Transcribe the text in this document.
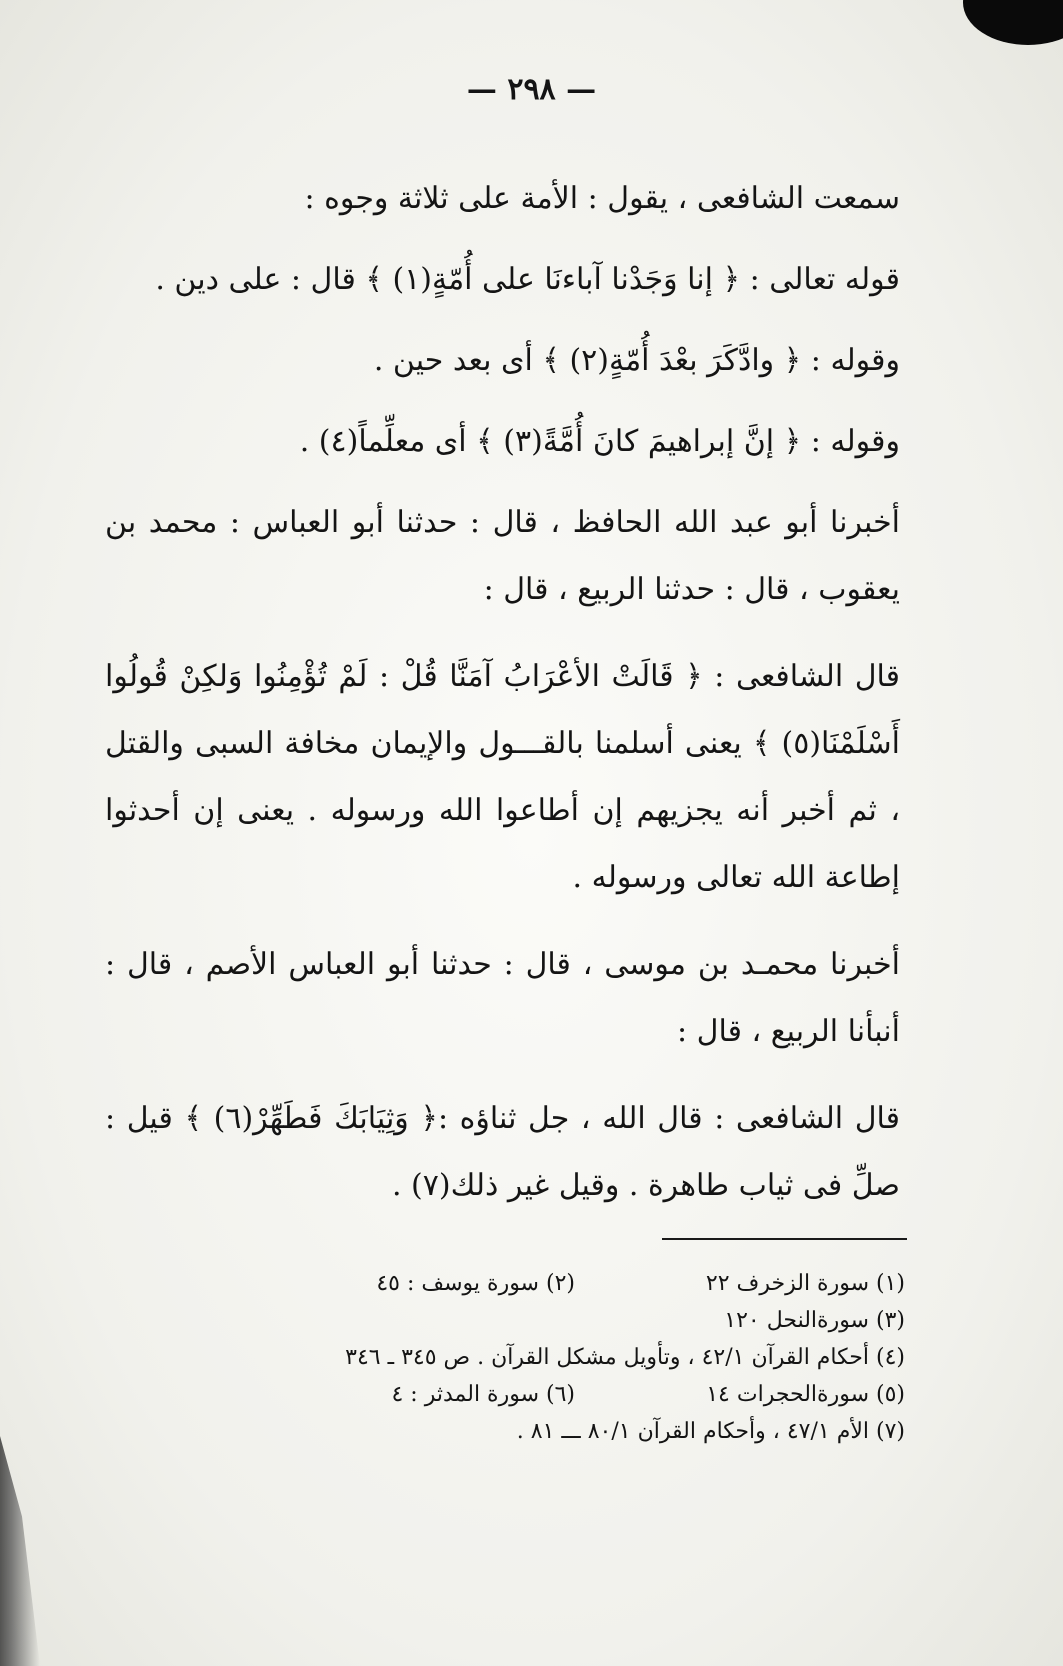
— ٢٩٨ —

سمعت الشافعى ، يقول : الأمة على ثلاثة وجوه :

قوله تعالى : ﴿ إنا وَجَدْنا آباءنَا على أُمّةٍ(١) ﴾ قال : على دين .

وقوله : ﴿ وادَّكَرَ بعْدَ أُمّةٍ(٢) ﴾ أى بعد حين .

وقوله : ﴿ إنَّ إبراهيمَ كانَ أُمَّةً(٣) ﴾ أى معلِّماً(٤) .

أخبرنا أبو عبد الله الحافظ ، قال : حدثنا أبو العباس : محمد بن يعقوب ، قال : حدثنا الربيع ، قال :

قال الشافعى : ﴿ قَالَتْ الأعْرَابُ آمَنَّا قُلْ : لَمْ تُؤْمِنُوا وَلكِنْ قُولُوا أَسْلَمْنَا(٥) ﴾ يعنى أسلمنا بالقـــول والإيمان مخافة السبى والقتل ، ثم أخبر أنه يجزيهم إن أطاعوا الله ورسوله . يعنى إن أحدثوا إطاعة الله تعالى ورسوله .

أخبرنا محمـد بن موسى ، قال : حدثنا أبو العباس الأصم ، قال : أنبأنا الربيع ، قال :

قال الشافعى : قال الله ، جل ثناؤه :﴿ وَثِيَابَكَ فَطَهِّرْ(٦) ﴾ قيل : صلِّ فى ثياب طاهرة . وقيل غير ذلك(٧) .

(١) سورة الزخرف ٢٢
(٢) سورة يوسف : ٤٥
(٣) سورةالنحل ١٢٠
(٤) أحكام القرآن ٤٢/١ ، وتأويل مشكل القرآن . ص ٣٤٥ ـ ٣٤٦
(٥) سورةالحجرات ١٤
(٦) سورة المدثر : ٤
(٧) الأم ٤٧/١ ، وأحكام القرآن ٨٠/١ ـــ ٨١ .
